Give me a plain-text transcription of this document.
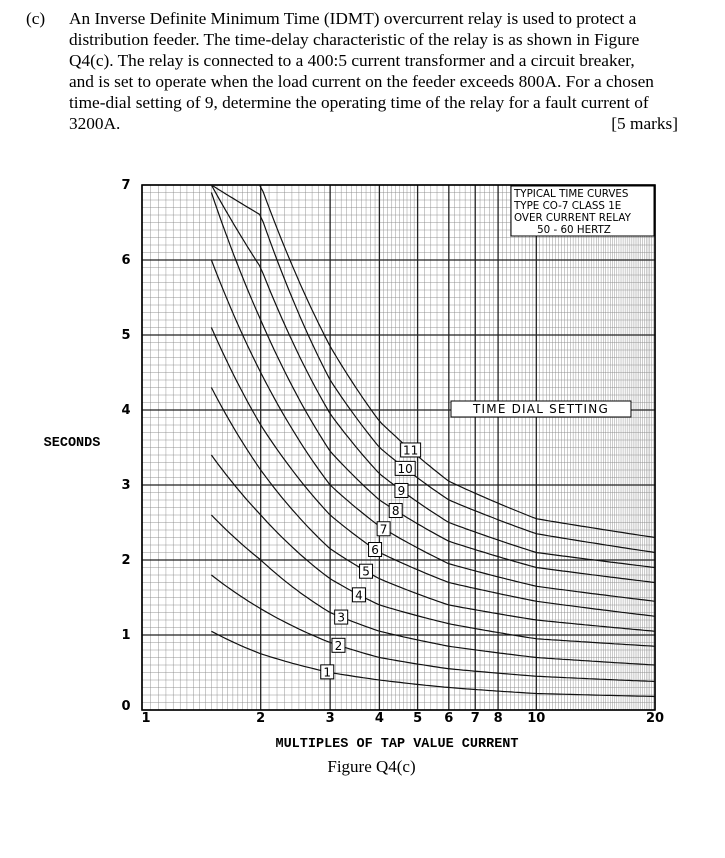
(c) An Inverse Definite Minimum Time (IDMT) overcurrent relay is used to protect a
distribution feeder. The time-delay characteristic of the relay is as shown in Figure
Q4(c). The relay is connected to a 400:5 current transformer and a circuit breaker,
and is set to operate when the load current on the feeder exceeds 800A. For a chosen
time-dial setting of 9, determine the operating time of the relay for a fault current of
3200A.	[5 marks]
1
2
3
4
5
6
7
8
9
10
11
0
1
2
3
4
5
6
7
1	2	3	4 5 6 7 8 10	20
SECONDS
MULTIPLES OF TAP VALUE CURRENT
TYPICAL TIME CURVES
TYPE CO-7 CLASS 1E
OVER CURRENT RELAY
50 - 60 HERTZ
TIME DIAL SETTING
Figure Q4(c)
